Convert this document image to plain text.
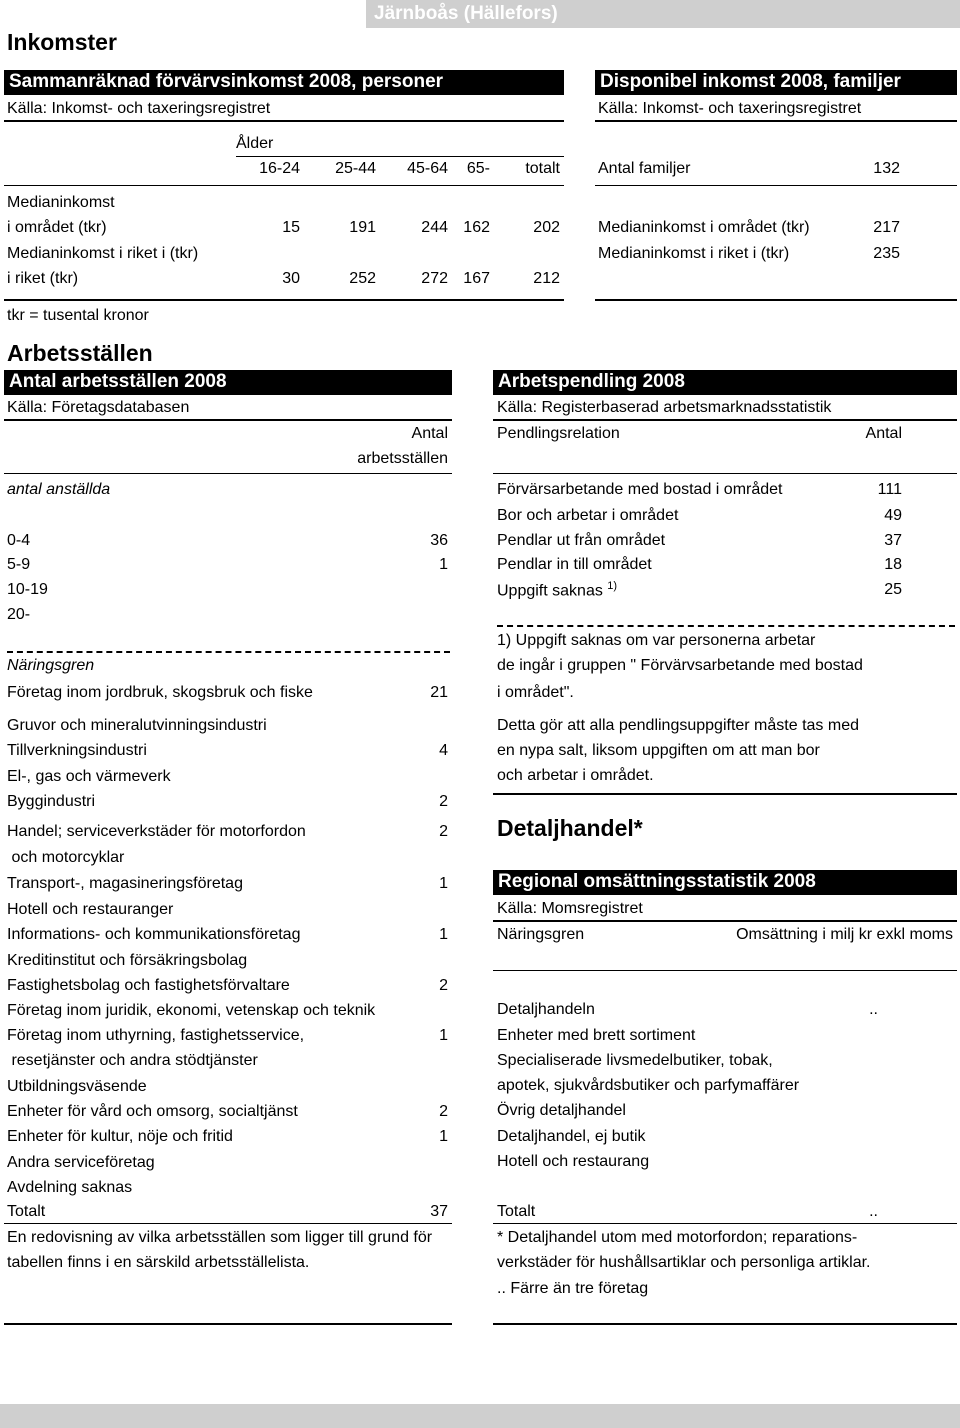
Järnboås (Hällefors)
Inkomster
Sammanräknad förvärvsinkomst 2008, personer
Källa: Inkomst- och taxeringsregistret
Ålder
16-24	25-44	45-64	65-	totalt
Medianinkomst
i området (tkr)	15	191	244 162	202
Medianinkomst i riket i (tkr)
i riket (tkr)	30	252	272 167	212
tkr = tusental kronor
Disponibel inkomst 2008, familjer
Källa: Inkomst- och taxeringsregistret
Antal familjer	132
Medianinkomst i området (tkr)	217
Medianinkomst i riket i (tkr)	235
Arbetsställen
Antal arbetsställen 2008
Källa: Företagsdatabasen
Antal
arbetsställen
antal anställda
0-4	36
5-9	1
10-19
20-
Näringsgren
Företag inom jordbruk, skogsbruk och fiske	21
Gruvor och mineralutvinningsindustri
Tillverkningsindustri	4
El-, gas och värmeverk
Byggindustri	2
Handel; serviceverkstäder för motorfordon	2
och motorcyklar
Transport-, magasineringsföretag	1
Hotell och restauranger
Informations- och kommunikationsföretag	1
Kreditinstitut och försäkringsbolag
Fastighetsbolag och fastighetsförvaltare	2
Företag inom juridik, ekonomi, vetenskap och teknik
Företag inom uthyrning, fastighetsservice,	1
resetjänster och andra stödtjänster
Utbildningsväsende
Enheter för vård och omsorg, socialtjänst	2
Enheter för kultur, nöje och fritid	1
Andra serviceföretag
Avdelning saknas
Totalt	37
En redovisning av vilka arbetsställen som ligger till grund för
tabellen finns i en särskild arbetsställelista.
Arbetspendling 2008
Källa: Registerbaserad arbetsmarknadsstatistik
Pendlingsrelation	Antal
Förvärsarbetande med bostad i området	111
Bor och arbetar i området	49
Pendlar ut från området	37
Pendlar in till området	18
Uppgift saknas $^{1)}$	25
1) Uppgift saknas om var personerna arbetar
de ingår i gruppen " Förvärvsarbetande med bostad
i området".
Detta gör att alla pendlingsuppgifter måste tas med
en nypa salt, liksom uppgiften om att man bor
och arbetar i området.
Detaljhandel*
Regional omsättningsstatistik 2008
Källa: Momsregistret
Näringsgren	Omsättning i milj kr exkl moms
Detaljhandeln	..
Enheter med brett sortiment
Specialiserade livsmedelbutiker, tobak,
apotek, sjukvårdsbutiker och parfymaffärer
Övrig detaljhandel
Detaljhandel, ej butik
Hotell och restaurang
Totalt	..
* Detaljhandel utom med motorfordon; reparations-
verkstäder för hushållsartiklar och personliga artiklar.
.. Färre än tre företag
